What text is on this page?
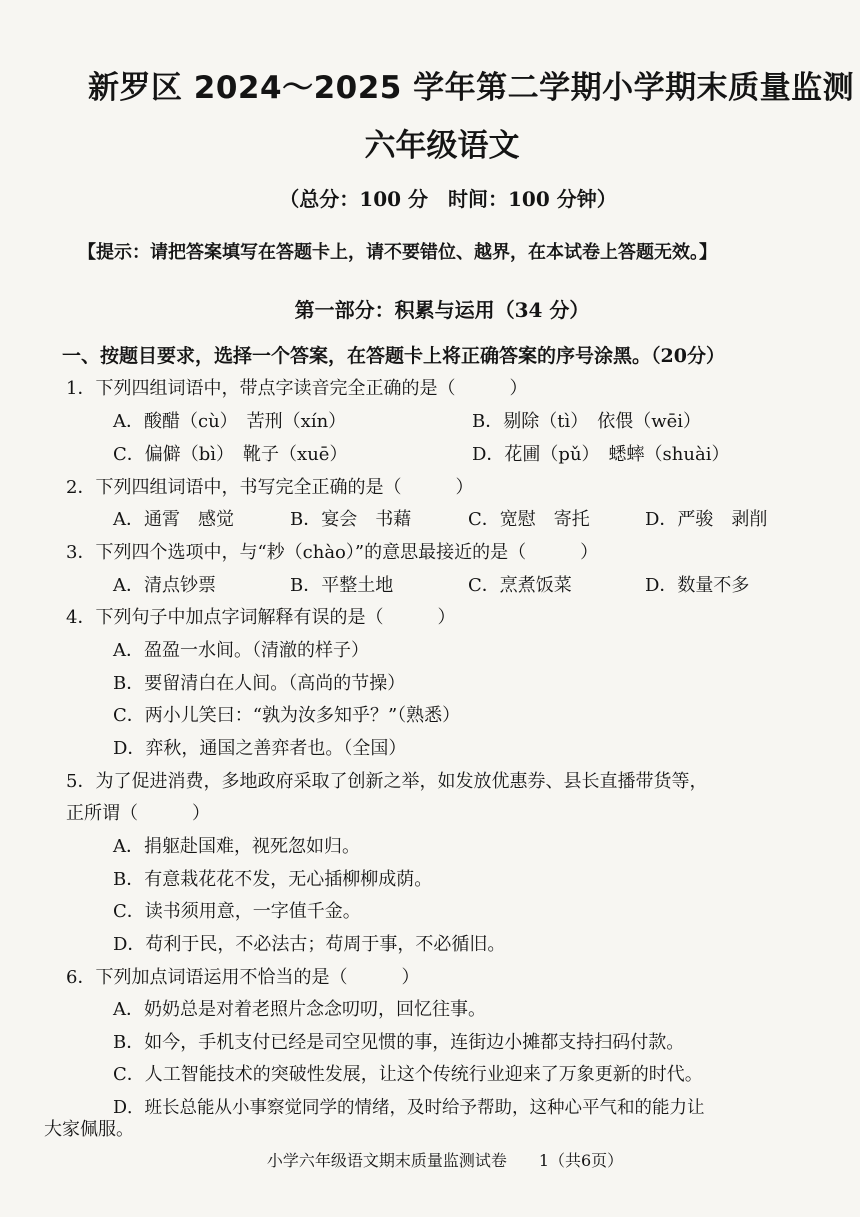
新罗区 2024～2025 学年第二学期小学期末质量监测
六年级语文
（总分：100 分　时间：100 分钟）
【提示：请把答案填写在答题卡上，请不要错位、越界，在本试卷上答题无效。】
第一部分：积累与运用（34 分）
一、按题目要求，选择一个答案，在答题卡上将正确答案的序号涂黑。（20分）
1．下列四组词语中，带点字读音完全正确的是（　　　）
A．酸醋（cù）　苦刑（xín）	B．剔除（tì）　依偎（wēi）
C．偏僻（bì）　靴子（xuē）	D．花圃（pǔ）　蟋蟀（shuài）
2．下列四组词语中，书写完全正确的是（　　　）
A．通霄　感觉	B．宴会　书藉	C．宽慰　寄托	D．严骏　剥削
3．下列四个选项中，与“耖（chào）”的意思最接近的是（　　　）
A．清点钞票	B．平整土地	C．烹煮饭菜	D．数量不多
4．下列句子中加点字词解释有误的是（　　　）
A．盈盈一水间。（清澈的样子）
B．要留清白在人间。（高尚的节操）
C．两小儿笑曰：“孰为汝多知乎？”（熟悉）
D．弈秋，通国之善弈者也。（全国）
5．为了促进消费，多地政府采取了创新之举，如发放优惠券、县长直播带货等，
正所谓（　　　）
A．捐躯赴国难，视死忽如归。
B．有意栽花花不发，无心插柳柳成荫。
C．读书须用意，一字值千金。
D．苟利于民，不必法古；苟周于事，不必循旧。
6．下列加点词语运用不恰当的是（　　　）
A．奶奶总是对着老照片念念叨叨，回忆往事。
B．如今，手机支付已经是司空见惯的事，连街边小摊都支持扫码付款。
C．人工智能技术的突破性发展，让这个传统行业迎来了万象更新的时代。
D．班长总能从小事察觉同学的情绪，及时给予帮助，这种心平气和的能力让
大家佩服。
小学六年级语文期末质量监测试卷　　1（共6页）
